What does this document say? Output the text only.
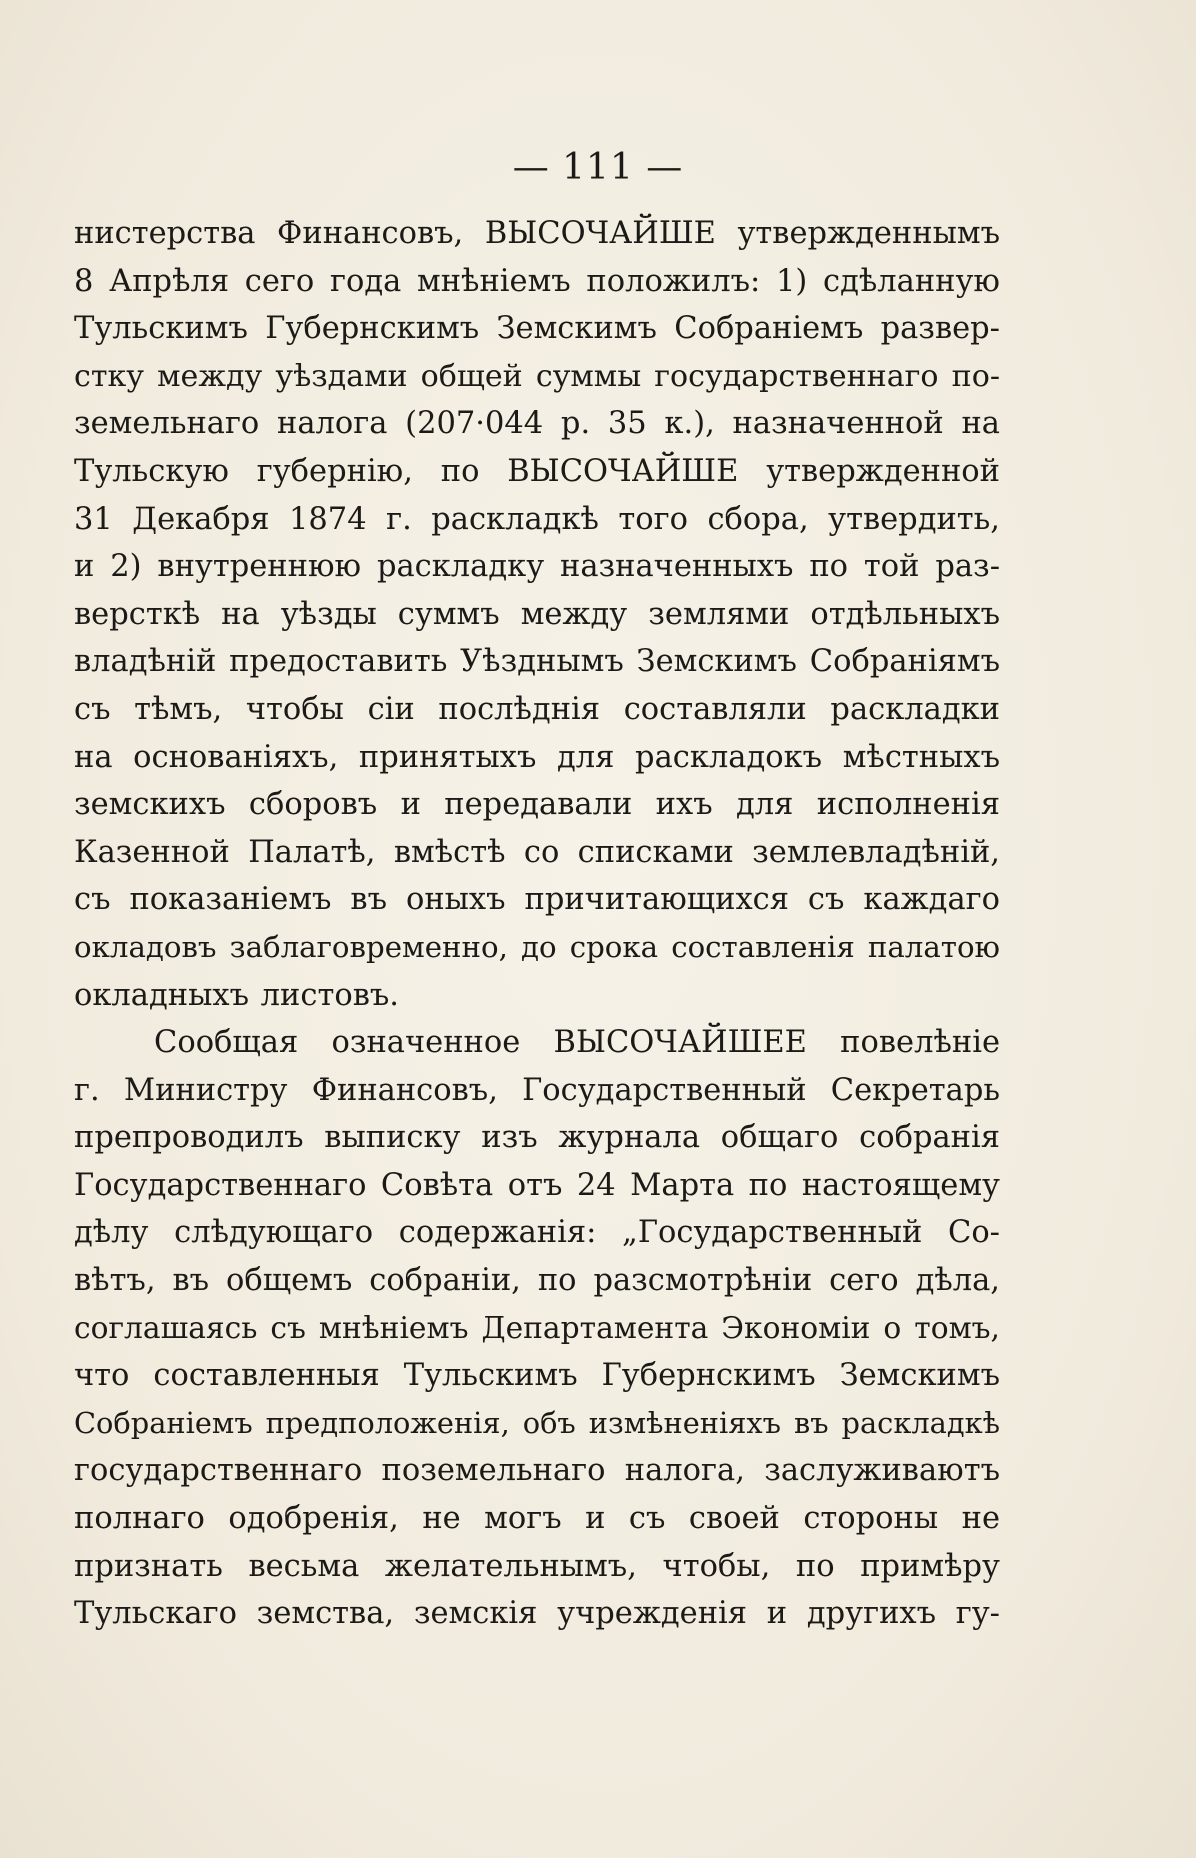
— 111 —
нистерства Финансовъ, ВЫСОЧАЙШЕ утвержденнымъ
8 Апрѣля сего года мнѣніемъ положилъ: 1) сдѣланную
Тульскимъ Губернскимъ Земскимъ Собраніемъ развер-
стку между уѣздами общей суммы государственнаго по-
земельнаго налога (207·044 р. 35 к.), назначенной на
Тульскую губернію, по ВЫСОЧАЙШЕ утвержденной
31 Декабря 1874 г. раскладкѣ того сбора, утвердить,
и 2) внутреннюю раскладку назначенныхъ по той раз-
версткѣ на уѣзды суммъ между землями отдѣльныхъ
владѣній предоставить Уѣзднымъ Земскимъ Собраніямъ
съ тѣмъ, чтобы сіи послѣднія составляли раскладки
на основаніяхъ, принятыхъ для раскладокъ мѣстныхъ
земскихъ сборовъ и передавали ихъ для исполненія
Казенной Палатѣ, вмѣстѣ со списками землевладѣній,
съ показаніемъ въ оныхъ причитающихся съ каждаго
окладовъ заблаговременно, до срока составленія палатою
окладныхъ листовъ.
Сообщая означенное ВЫСОЧАЙШЕЕ повелѣніе
г. Министру Финансовъ, Государственный Секретарь
препроводилъ выписку изъ журнала общаго собранія
Государственнаго Совѣта отъ 24 Марта по настоящему
дѣлу слѣдующаго содержанія: „Государственный Со-
вѣтъ, въ общемъ собраніи, по разсмотрѣніи сего дѣла,
соглашаясь съ мнѣніемъ Департамента Экономіи о томъ,
что составленныя Тульскимъ Губернскимъ Земскимъ
Собраніемъ предположенія, объ измѣненіяхъ въ раскладкѣ
государственнаго поземельнаго налога, заслуживаютъ
полнаго одобренія, не могъ и съ своей стороны не
признать весьма желательнымъ, чтобы, по примѣру
Тульскаго земства, земскія учрежденія и другихъ гу-
